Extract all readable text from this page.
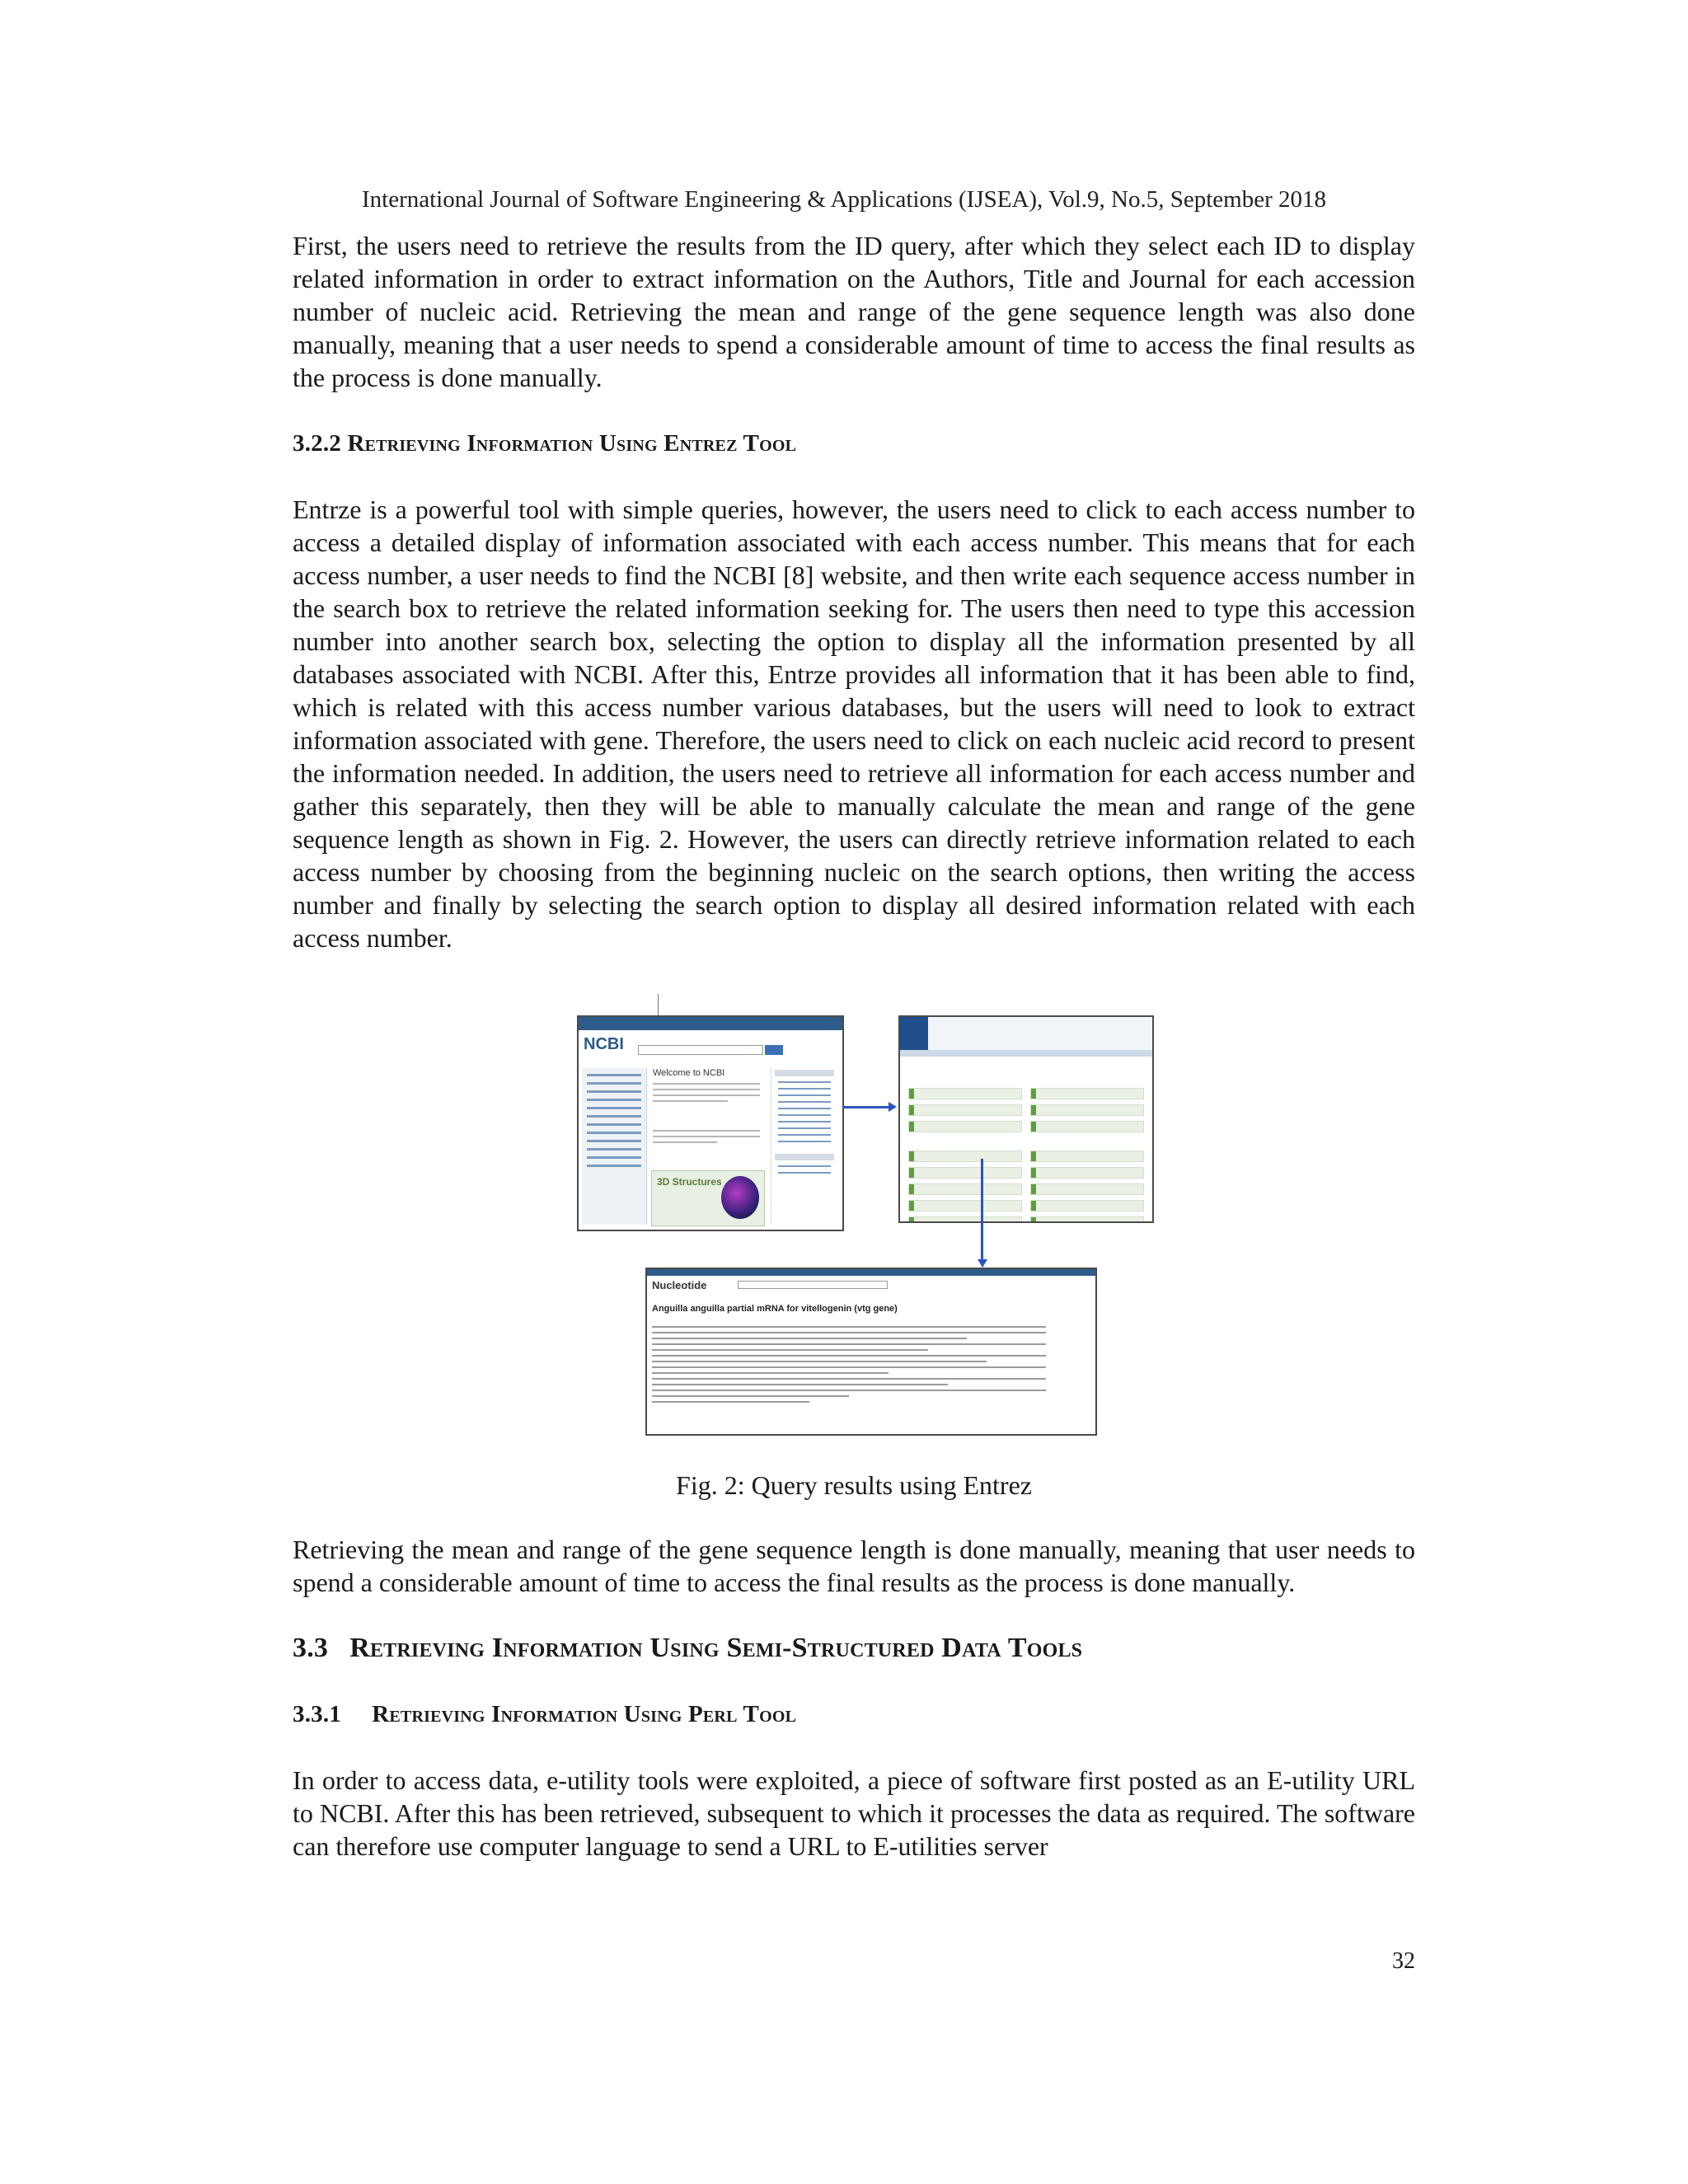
International Journal of Software Engineering & Applications (IJSEA), Vol.9, No.5, September 2018

First, the users need to retrieve the results from the ID query, after which they select each ID to display related information in order to extract information on the Authors, Title and Journal for each accession number of nucleic acid. Retrieving the mean and range of the gene sequence length was also done manually, meaning that a user needs to spend a considerable amount of time to access the final results as the process is done manually.

3.2.2 Retrieving Information Using Entrez Tool

Entrze is a powerful tool with simple queries, however, the users need to click to each access number to access a detailed display of information associated with each access number. This means that for each access number, a user needs to find the NCBI [8] website, and then write each sequence access number in the search box to retrieve the related information seeking for. The users then need to type this accession number into another search box, selecting the option to display all the information presented by all databases associated with NCBI. After this, Entrze provides all information that it has been able to find, which is related with this access number various databases, but the users will need to look to extract information associated with gene. Therefore, the users need to click on each nucleic acid record to present the information needed. In addition, the users need to retrieve all information for each access number and gather this separately, then they will be able to manually calculate the mean and range of the gene sequence length as shown in Fig. 2. However, the users can directly retrieve information related to each access number by choosing from the beginning nucleic on the search options, then writing the access number and finally by selecting the search option to display all desired information related with each access number.

NCBI
Welcome to NCBI
3D Structures
Nucleotide
Anguilla anguilla partial mRNA for vitellogenin (vtg gene)
Fig. 2: Query results using Entrez

Retrieving the mean and range of the gene sequence length is done manually, meaning that user needs to spend a considerable amount of time to access the final results as the process is done manually.

3.3 Retrieving Information Using Semi-Structured Data Tools
3.3.1 Retrieving Information Using Perl Tool

In order to access data, e-utility tools were exploited, a piece of software first posted as an E-utility URL to NCBI. After this has been retrieved, subsequent to which it processes the data as required. The software can therefore use computer language to send a URL to E-utilities server

32
